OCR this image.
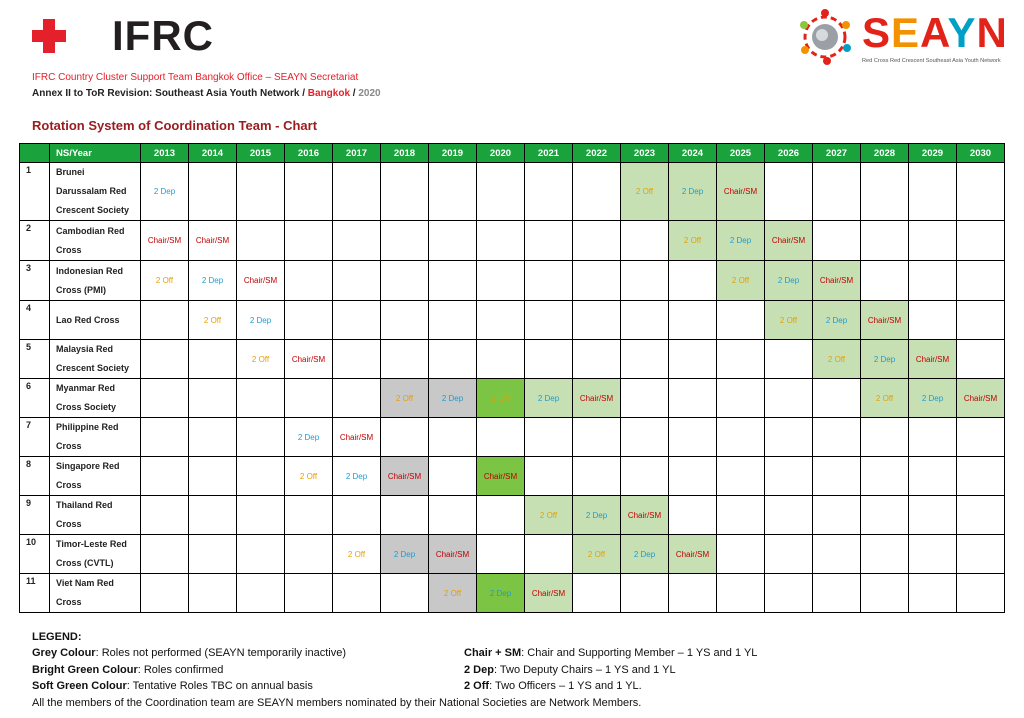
IFRC	SEAYN
Red Cross Red Crescent Southeast Asia Youth Network
IFRC Country Cluster Support Team Bangkok Office – SEAYN Secretariat
Annex II to ToR Revision: Southeast Asia Youth Network / Bangkok / 2020
Rotation System of Coordination Team - Chart
	NS/Year	2013	2014	2015	2016	2017	2018	2019	2020	2021	2022	2023	2024	2025	2026	2027	2028	2029	2030
1	Brunei
Darussalam Red
Crescent Society	2 Dep										2 Off	2 Dep	Chair/SM					
2	Cambodian Red
Cross	Chair/SM	Chair/SM										2 Off	2 Dep	Chair/SM				
3	Indonesian Red
Cross (PMI)	2 Off	2 Dep	Chair/SM										2 Off	2 Dep	Chair/SM			
4	Lao Red Cross		2 Off	2 Dep											2 Off	2 Dep	Chair/SM		
5	Malaysia Red
Crescent Society			2 Off	Chair/SM											2 Off	2 Dep	Chair/SM	
6	Myanmar Red
Cross Society						2 Off	2 Dep	2 Off	2 Dep	Chair/SM						2 Off	2 Dep	Chair/SM
7	Philippine Red
Cross				2 Dep	Chair/SM													
8	Singapore Red
Cross				2 Off	2 Dep	Chair/SM		Chair/SM										
9	Thailand Red
Cross									2 Off	2 Dep	Chair/SM							
10	Timor-Leste Red
Cross (CVTL)					2 Off	2 Dep	Chair/SM			2 Off	2 Dep	Chair/SM						
11	Viet Nam Red
Cross							2 Off	2 Dep	Chair/SM									
LEGEND:
Grey Colour: Roles not performed (SEAYN temporarily inactive)
Bright Green Colour: Roles confirmed
Soft Green Colour: Tentative Roles TBC on annual basis
All the members of the Coordination team are SEAYN members nominated by their National Societies are Network Members.
Chair + SM: Chair and Supporting Member – 1 YS and 1 YL
2 Dep: Two Deputy Chairs – 1 YS and 1 YL
2 Off: Two Officers – 1 YS and 1 YL.
